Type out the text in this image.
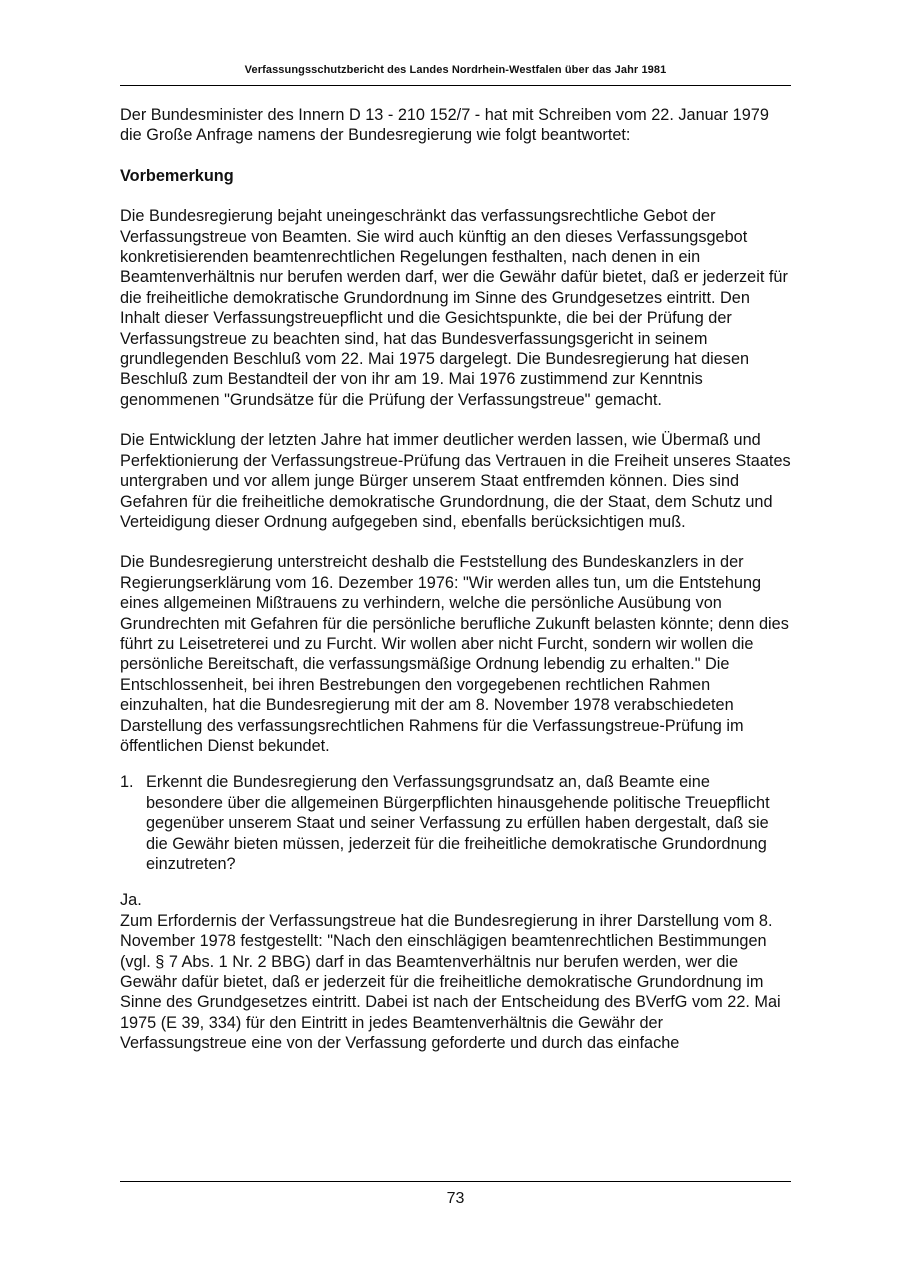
Verfassungsschutzbericht des Landes Nordrhein-Westfalen über das Jahr 1981

Der Bundesminister des Innern D 13 - 210 152/7 - hat mit Schreiben vom 22. Januar 1979 die Große Anfrage namens der Bundesregierung wie folgt beantwortet:

Vorbemerkung

Die Bundesregierung bejaht uneingeschränkt das verfassungsrechtliche Gebot der Verfassungstreue von Beamten. Sie wird auch künftig an den dieses Verfassungsgebot konkretisierenden beamtenrechtlichen Regelungen festhalten, nach denen in ein Beamtenverhältnis nur berufen werden darf, wer die Gewähr dafür bietet, daß er jederzeit für die freiheitliche demokratische Grundordnung im Sinne des Grundgesetzes eintritt. Den Inhalt dieser Verfassungstreuepflicht und die Gesichtspunkte, die bei der Prüfung der Verfassungstreue zu beachten sind, hat das Bundesverfassungsgericht in seinem grundlegenden Beschluß vom 22. Mai 1975 dargelegt. Die Bundesregierung hat diesen Beschluß zum Bestandteil der von ihr am 19. Mai 1976 zustimmend zur Kenntnis genommenen "Grundsätze für die Prüfung der Verfassungstreue" gemacht.

Die Entwicklung der letzten Jahre hat immer deutlicher werden lassen, wie Übermaß und Perfektionierung der Verfassungstreue-Prüfung das Vertrauen in die Freiheit unseres Staates untergraben und vor allem junge Bürger unserem Staat entfremden können. Dies sind Gefahren für die freiheitliche demokratische Grundordnung, die der Staat, dem Schutz und Verteidigung dieser Ordnung aufgegeben sind, ebenfalls berücksichtigen muß.

Die Bundesregierung unterstreicht deshalb die Feststellung des Bundeskanzlers in der Regierungserklärung vom 16. Dezember 1976: "Wir werden alles tun, um die Entstehung eines allgemeinen Mißtrauens zu verhindern, welche die persönliche Ausübung von Grundrechten mit Gefahren für die persönliche berufliche Zukunft belasten könnte; denn dies führt zu Leisetreterei und zu Furcht. Wir wollen aber nicht Furcht, sondern wir wollen die persönliche Bereitschaft, die verfassungsmäßige Ordnung lebendig zu erhalten." Die Entschlossenheit, bei ihren Bestrebungen den vorgegebenen rechtlichen Rahmen einzuhalten, hat die Bundesregierung mit der am 8. November 1978 verabschiedeten Darstellung des verfassungsrechtlichen Rahmens für die Verfassungstreue-Prüfung im öffentlichen Dienst bekundet.

1. Erkennt die Bundesregierung den Verfassungsgrundsatz an, daß Beamte eine besondere über die allgemeinen Bürgerpflichten hinausgehende politische Treuepflicht gegenüber unserem Staat und seiner Verfassung zu erfüllen haben dergestalt, daß sie die Gewähr bieten müssen, jederzeit für die freiheitliche demokratische Grundordnung einzutreten?

Ja.

Zum Erfordernis der Verfassungstreue hat die Bundesregierung in ihrer Darstellung vom 8. November 1978 festgestellt: "Nach den einschlägigen beamtenrechtlichen Bestimmungen (vgl. § 7 Abs. 1 Nr. 2 BBG) darf in das Beamtenverhältnis nur berufen werden, wer die Gewähr dafür bietet, daß er jederzeit für die freiheitliche demokratische Grundordnung im Sinne des Grundgesetzes eintritt. Dabei ist nach der Entscheidung des BVerfG vom 22. Mai 1975 (E 39, 334) für den Eintritt in jedes Beamtenverhältnis die Gewähr der Verfassungstreue eine von der Verfassung geforderte und durch das einfache

73
